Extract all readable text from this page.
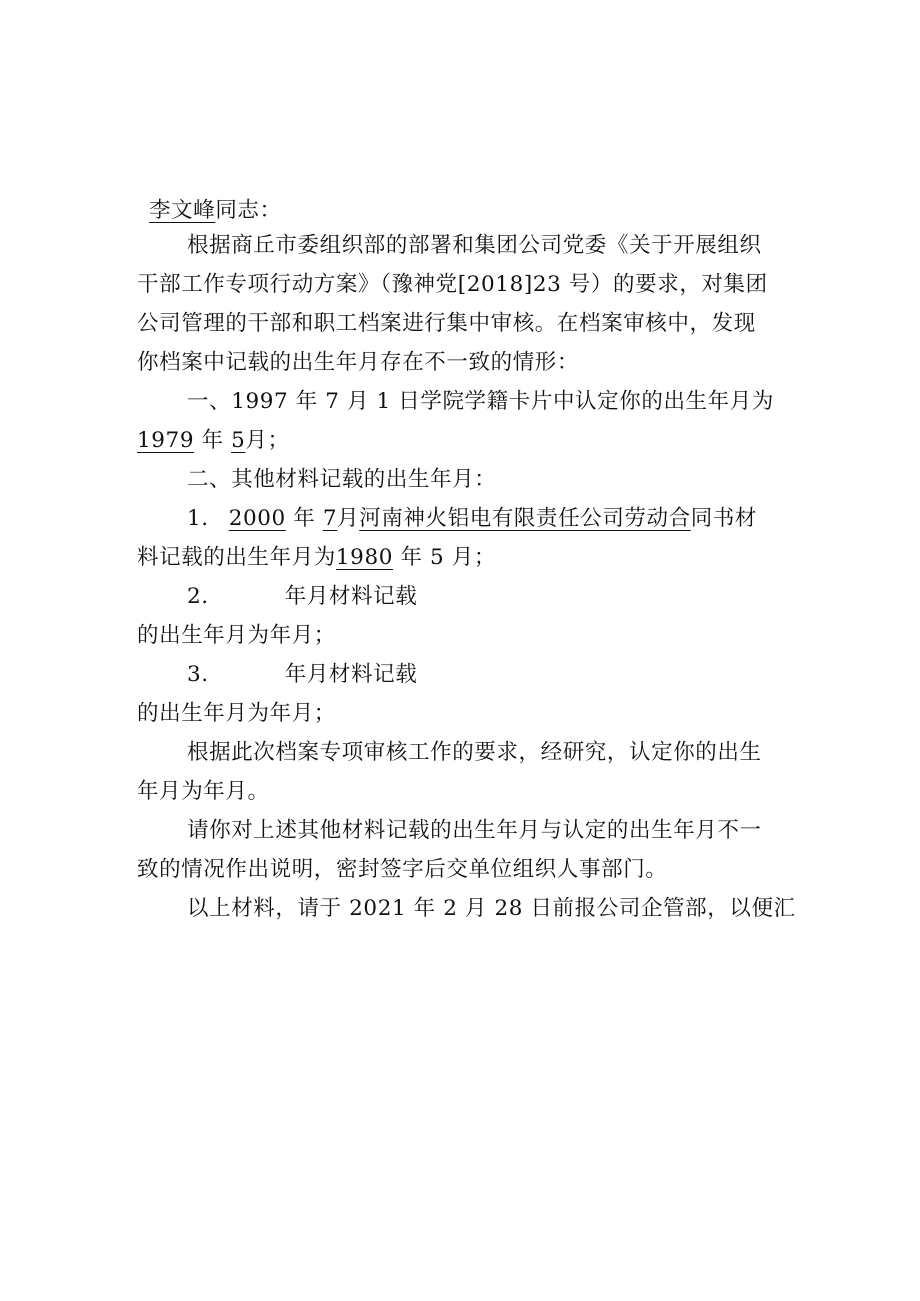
李文峰同志：
根据商丘市委组织部的部署和集团公司党委《关于开展组织
干部工作专项行动方案》（豫神党[2018]23 号）的要求，对集团
公司管理的干部和职工档案进行集中审核。在档案审核中，发现
你档案中记载的出生年月存在不一致的情形：
一、1997 年 7 月 1 日学院学籍卡片中认定你的出生年月为
1979 年 5月；
二、其他材料记载的出生年月：
1. 2000 年 7月河南神火铝电有限责任公司劳动合同书材
料记载的出生年月为1980 年 5 月；
2.	年月材料记载
的出生年月为年月；
3.	年月材料记载
的出生年月为年月；
根据此次档案专项审核工作的要求，经研究，认定你的出生
年月为年月。
请你对上述其他材料记载的出生年月与认定的出生年月不一
致的情况作出说明，密封签字后交单位组织人事部门。
以上材料，请于 2021 年 2 月 28 日前报公司企管部，以便汇
